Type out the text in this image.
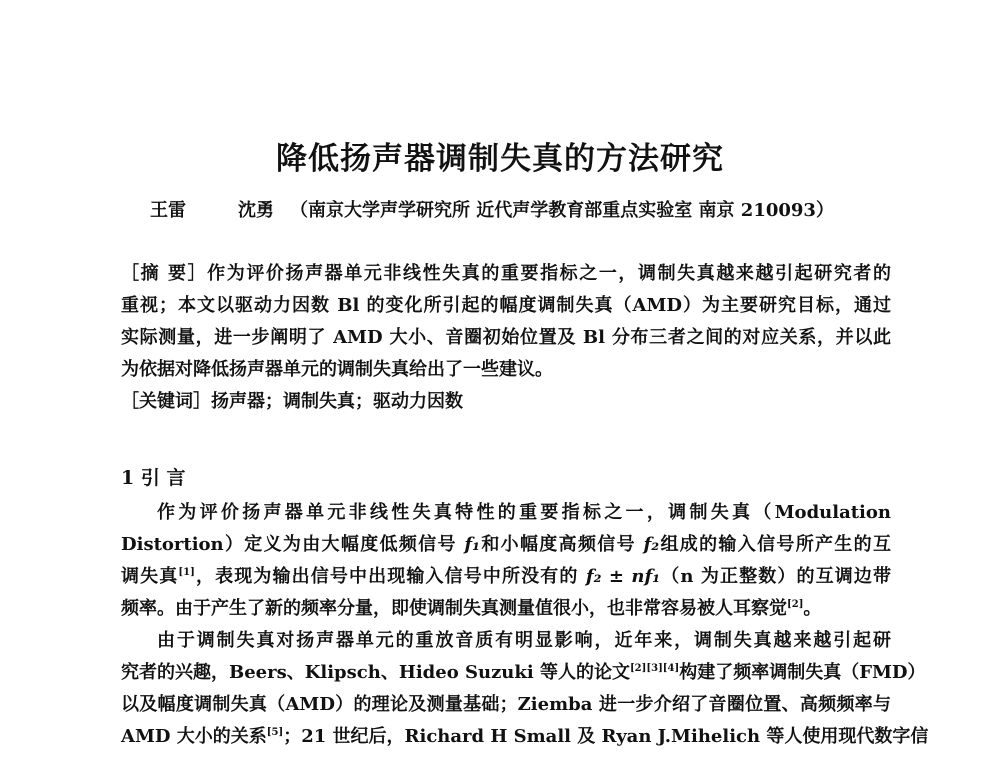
降低扬声器调制失真的方法研究
王雷	沈勇 （南京大学声学研究所 近代声学教育部重点实验室 南京 210093）
［摘 要］作为评价扬声器单元非线性失真的重要指标之一，调制失真越来越引起研究者的
重视；本文以驱动力因数 Bl 的变化所引起的幅度调制失真（AMD）为主要研究目标，通过
实际测量，进一步阐明了 AMD 大小、音圈初始位置及 Bl 分布三者之间的对应关系，并以此
为依据对降低扬声器单元的调制失真给出了一些建议。
［关键词］扬声器；调制失真；驱动力因数
1 引 言
作为评价扬声器单元非线性失真特性的重要指标之一，调制失真（Modulation
Distortion）定义为由大幅度低频信号 f₁和小幅度高频信号 f₂组成的输入信号所产生的互
调失真[1]，表现为输出信号中出现输入信号中所没有的 f₂ ± nf₁（n 为正整数）的互调边带
频率。由于产生了新的频率分量，即使调制失真测量值很小，也非常容易被人耳察觉[2]。
由于调制失真对扬声器单元的重放音质有明显影响，近年来，调制失真越来越引起研
究者的兴趣，Beers、Klipsch、Hideo Suzuki 等人的论文[2][3][4]构建了频率调制失真（FMD）
以及幅度调制失真（AMD）的理论及测量基础；Ziemba 进一步介绍了音圈位置、高频频率与
AMD 大小的关系[5]；21 世纪后，Richard H Small 及 Ryan J.Mihelich 等人使用现代数字信
